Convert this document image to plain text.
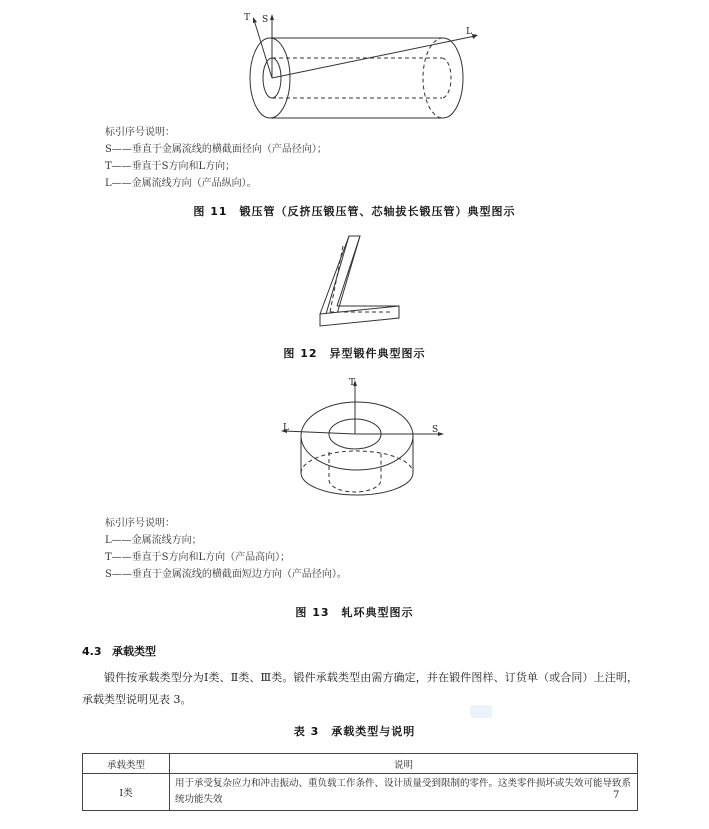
T S
L
标引序号说明：
S——垂直于金属流线的横截面径向（产品径向）；
T——垂直于S方向和L方向；
L——金属流线方向（产品纵向）。
图 11　锻压管（反挤压锻压管、芯轴拔长锻压管）典型图示
图 12　异型锻件典型图示
T
S
L
标引序号说明：
L——金属流线方向；
T——垂直于S方向和L方向（产品高向）；
S——垂直于金属流线的横截面短边方向（产品径向）。
图 13　轧环典型图示
4.3 承载类型
锻件按承载类型分为Ⅰ类、Ⅱ类、Ⅲ类。锻件承载类型由需方确定，并在锻件图样、订货单（或合同）上注明，承载类型说明见表 3。
表 3　承载类型与说明
承载类型	说明
Ⅰ类	用于承受复杂应力和冲击振动、重负载工作条件、设计质量受到限制的零件。这类零件损坏或失效可能导致系统功能失效	7
